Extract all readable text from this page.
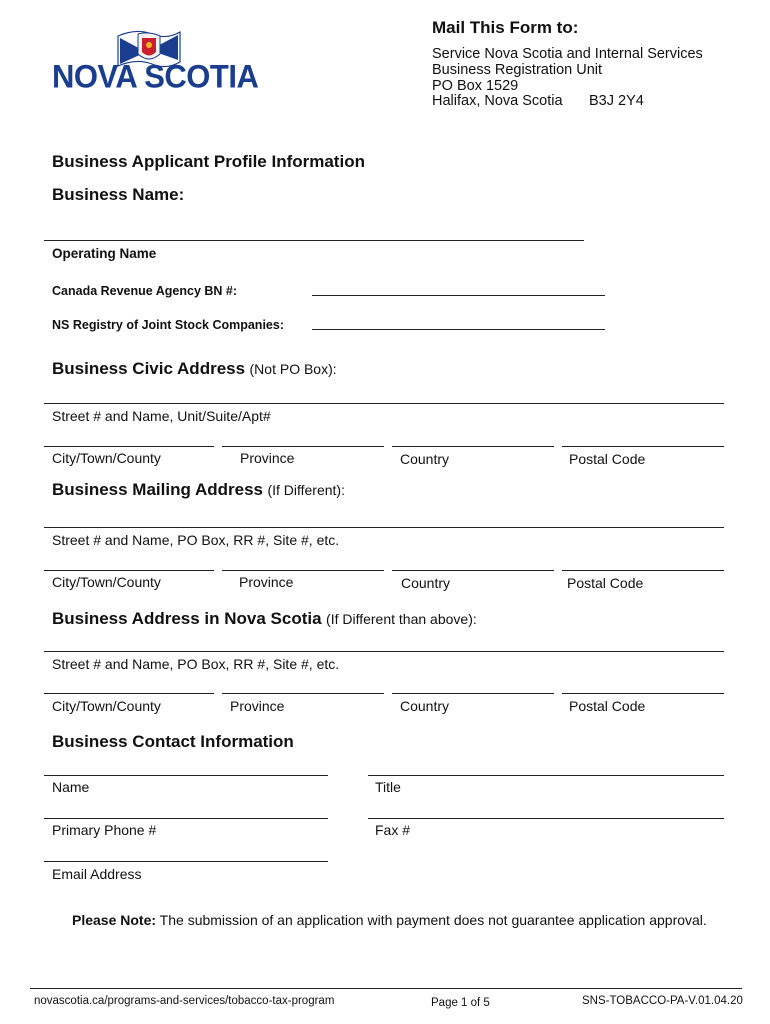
NOVA SCOTIA
Mail This Form to:
Service Nova Scotia and Internal Services
Business Registration Unit
PO Box 1529
Halifax, Nova Scotia B3J 2Y4
Business Applicant Profile Information
Business Name:
Operating Name
Canada Revenue Agency BN #:
NS Registry of Joint Stock Companies:
Business Civic Address (Not PO Box):
Street # and Name, Unit/Suite/Apt#
City/Town/County	Province	Country	Postal Code
Business Mailing Address (If Different):
Street # and Name, PO Box, RR #, Site #, etc.
City/Town/County	Province	Country	Postal Code
Business Address in Nova Scotia (If Different than above):
Street # and Name, PO Box, RR #, Site #, etc.
City/Town/County	Province	Country	Postal Code
Business Contact Information
Name	Title
Primary Phone #	Fax #
Email Address
Please Note: The submission of an application with payment does not guarantee application approval.
novascotia.ca/programs-and-services/tobacco-tax-program	Page 1 of 5	SNS-TOBACCO-PA-V.01.04.20
